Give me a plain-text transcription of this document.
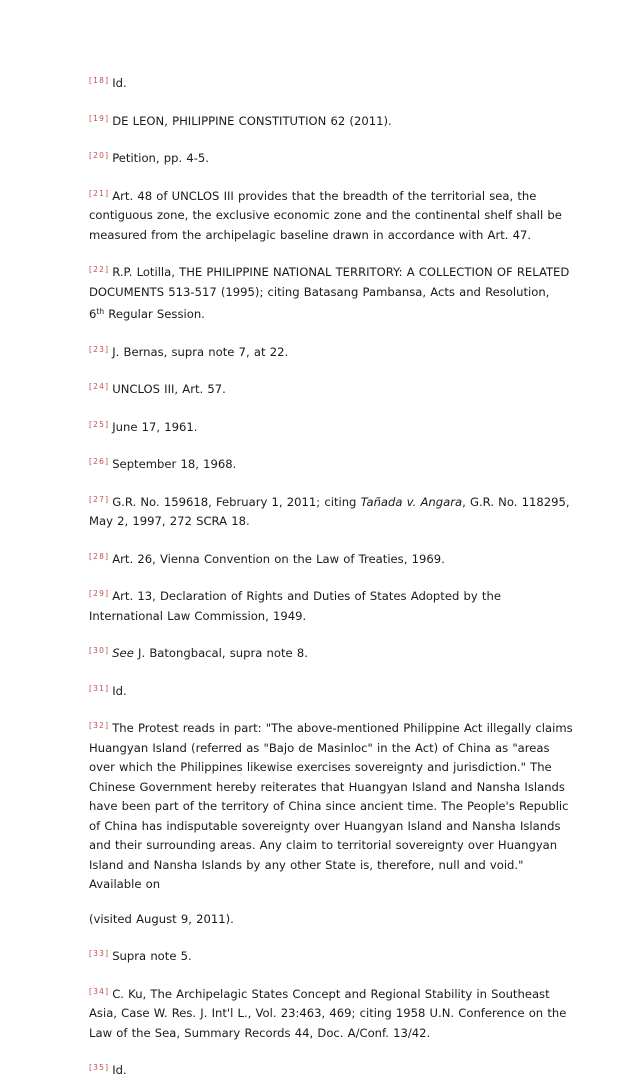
[18] Id.

[19] DE LEON, PHILIPPINE CONSTITUTION 62 (2011).

[20] Petition, pp. 4-5.

[21] Art. 48 of UNCLOS III provides that the breadth of the territorial sea, the contiguous zone, the exclusive economic zone and the continental shelf shall be measured from the archipelagic baseline drawn in accordance with Art. 47.

[22] R.P. Lotilla, THE PHILIPPINE NATIONAL TERRITORY: A COLLECTION OF RELATED DOCUMENTS 513-517 (1995); citing Batasang Pambansa, Acts and Resolution,
6th Regular Session.

[23] J. Bernas, supra note 7, at 22.

[24] UNCLOS III, Art. 57.

[25] June 17, 1961.

[26] September 18, 1968.

[27] G.R. No. 159618, February 1, 2011; citing Tañada v. Angara, G.R. No. 118295, May 2, 1997, 272 SCRA 18.

[28] Art. 26, Vienna Convention on the Law of Treaties, 1969.

[29] Art. 13, Declaration of Rights and Duties of States Adopted by the International Law Commission, 1949.

[30] See J. Batongbacal, supra note 8.

[31] Id.

[32] The Protest reads in part: "The above-mentioned Philippine Act illegally claims Huangyan Island (referred as "Bajo de Masinloc" in the Act) of China as "areas over which the Philippines likewise exercises sovereignty and jurisdiction." The Chinese Government hereby reiterates that Huangyan Island and Nansha Islands have been part of the territory of China since ancient time. The People's Republic of China has indisputable sovereignty over Huangyan Island and Nansha Islands and their surrounding areas. Any claim to territorial sovereignty over Huangyan Island and Nansha Islands by any other State is, therefore, null and void." Available on

(visited August 9, 2011).

[33] Supra note 5.

[34] C. Ku, The Archipelagic States Concept and Regional Stability in Southeast Asia, Case W. Res. J. Int'l L., Vol. 23:463, 469; citing 1958 U.N. Conference on the Law of the Sea, Summary Records 44, Doc. A/Conf. 13/42.

[35] Id.
